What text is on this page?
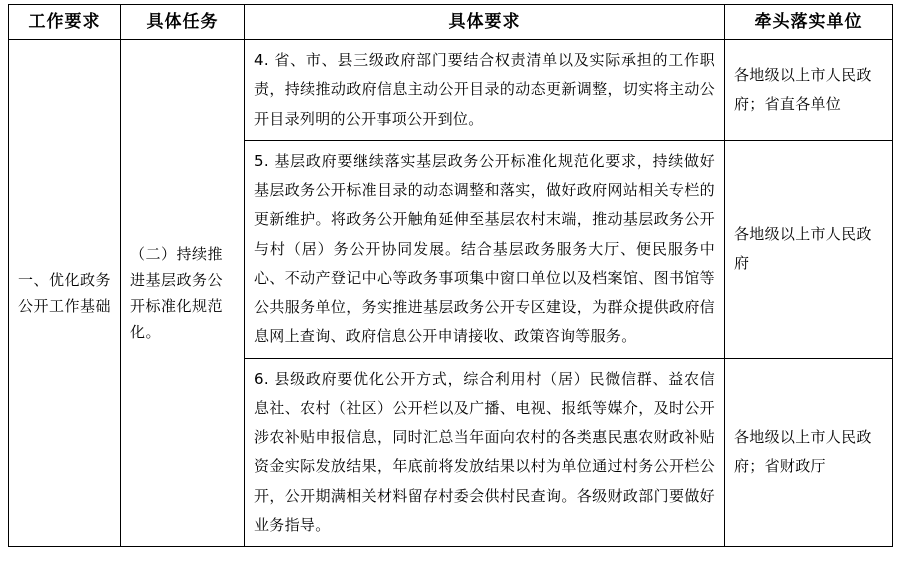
工作要求	具体任务	具体要求	牵头落实单位
一、优化政务公开工作基础	（二）持续推进基层政务公开标准化规范化。	4. 省、市、县三级政府部门要结合权责清单以及实际承担的工作职责，持续推动政府信息主动公开目录的动态更新调整，切实将主动公开目录列明的公开事项公开到位。	各地级以上市人民政府；省直各单位
		5. 基层政府要继续落实基层政务公开标准化规范化要求，持续做好基层政务公开标准目录的动态调整和落实，做好政府网站相关专栏的更新维护。将政务公开触角延伸至基层农村末端，推动基层政务公开与村（居）务公开协同发展。结合基层政务服务大厅、便民服务中心、不动产登记中心等政务事项集中窗口单位以及档案馆、图书馆等公共服务单位，务实推进基层政务公开专区建设，为群众提供政府信息网上查询、政府信息公开申请接收、政策咨询等服务。	各地级以上市人民政府
		6. 县级政府要优化公开方式，综合利用村（居）民微信群、益农信息社、农村（社区）公开栏以及广播、电视、报纸等媒介，及时公开涉农补贴申报信息，同时汇总当年面向农村的各类惠民惠农财政补贴资金实际发放结果，年底前将发放结果以村为单位通过村务公开栏公开，公开期满相关材料留存村委会供村民查询。各级财政部门要做好业务指导。	各地级以上市人民政府；省财政厅
